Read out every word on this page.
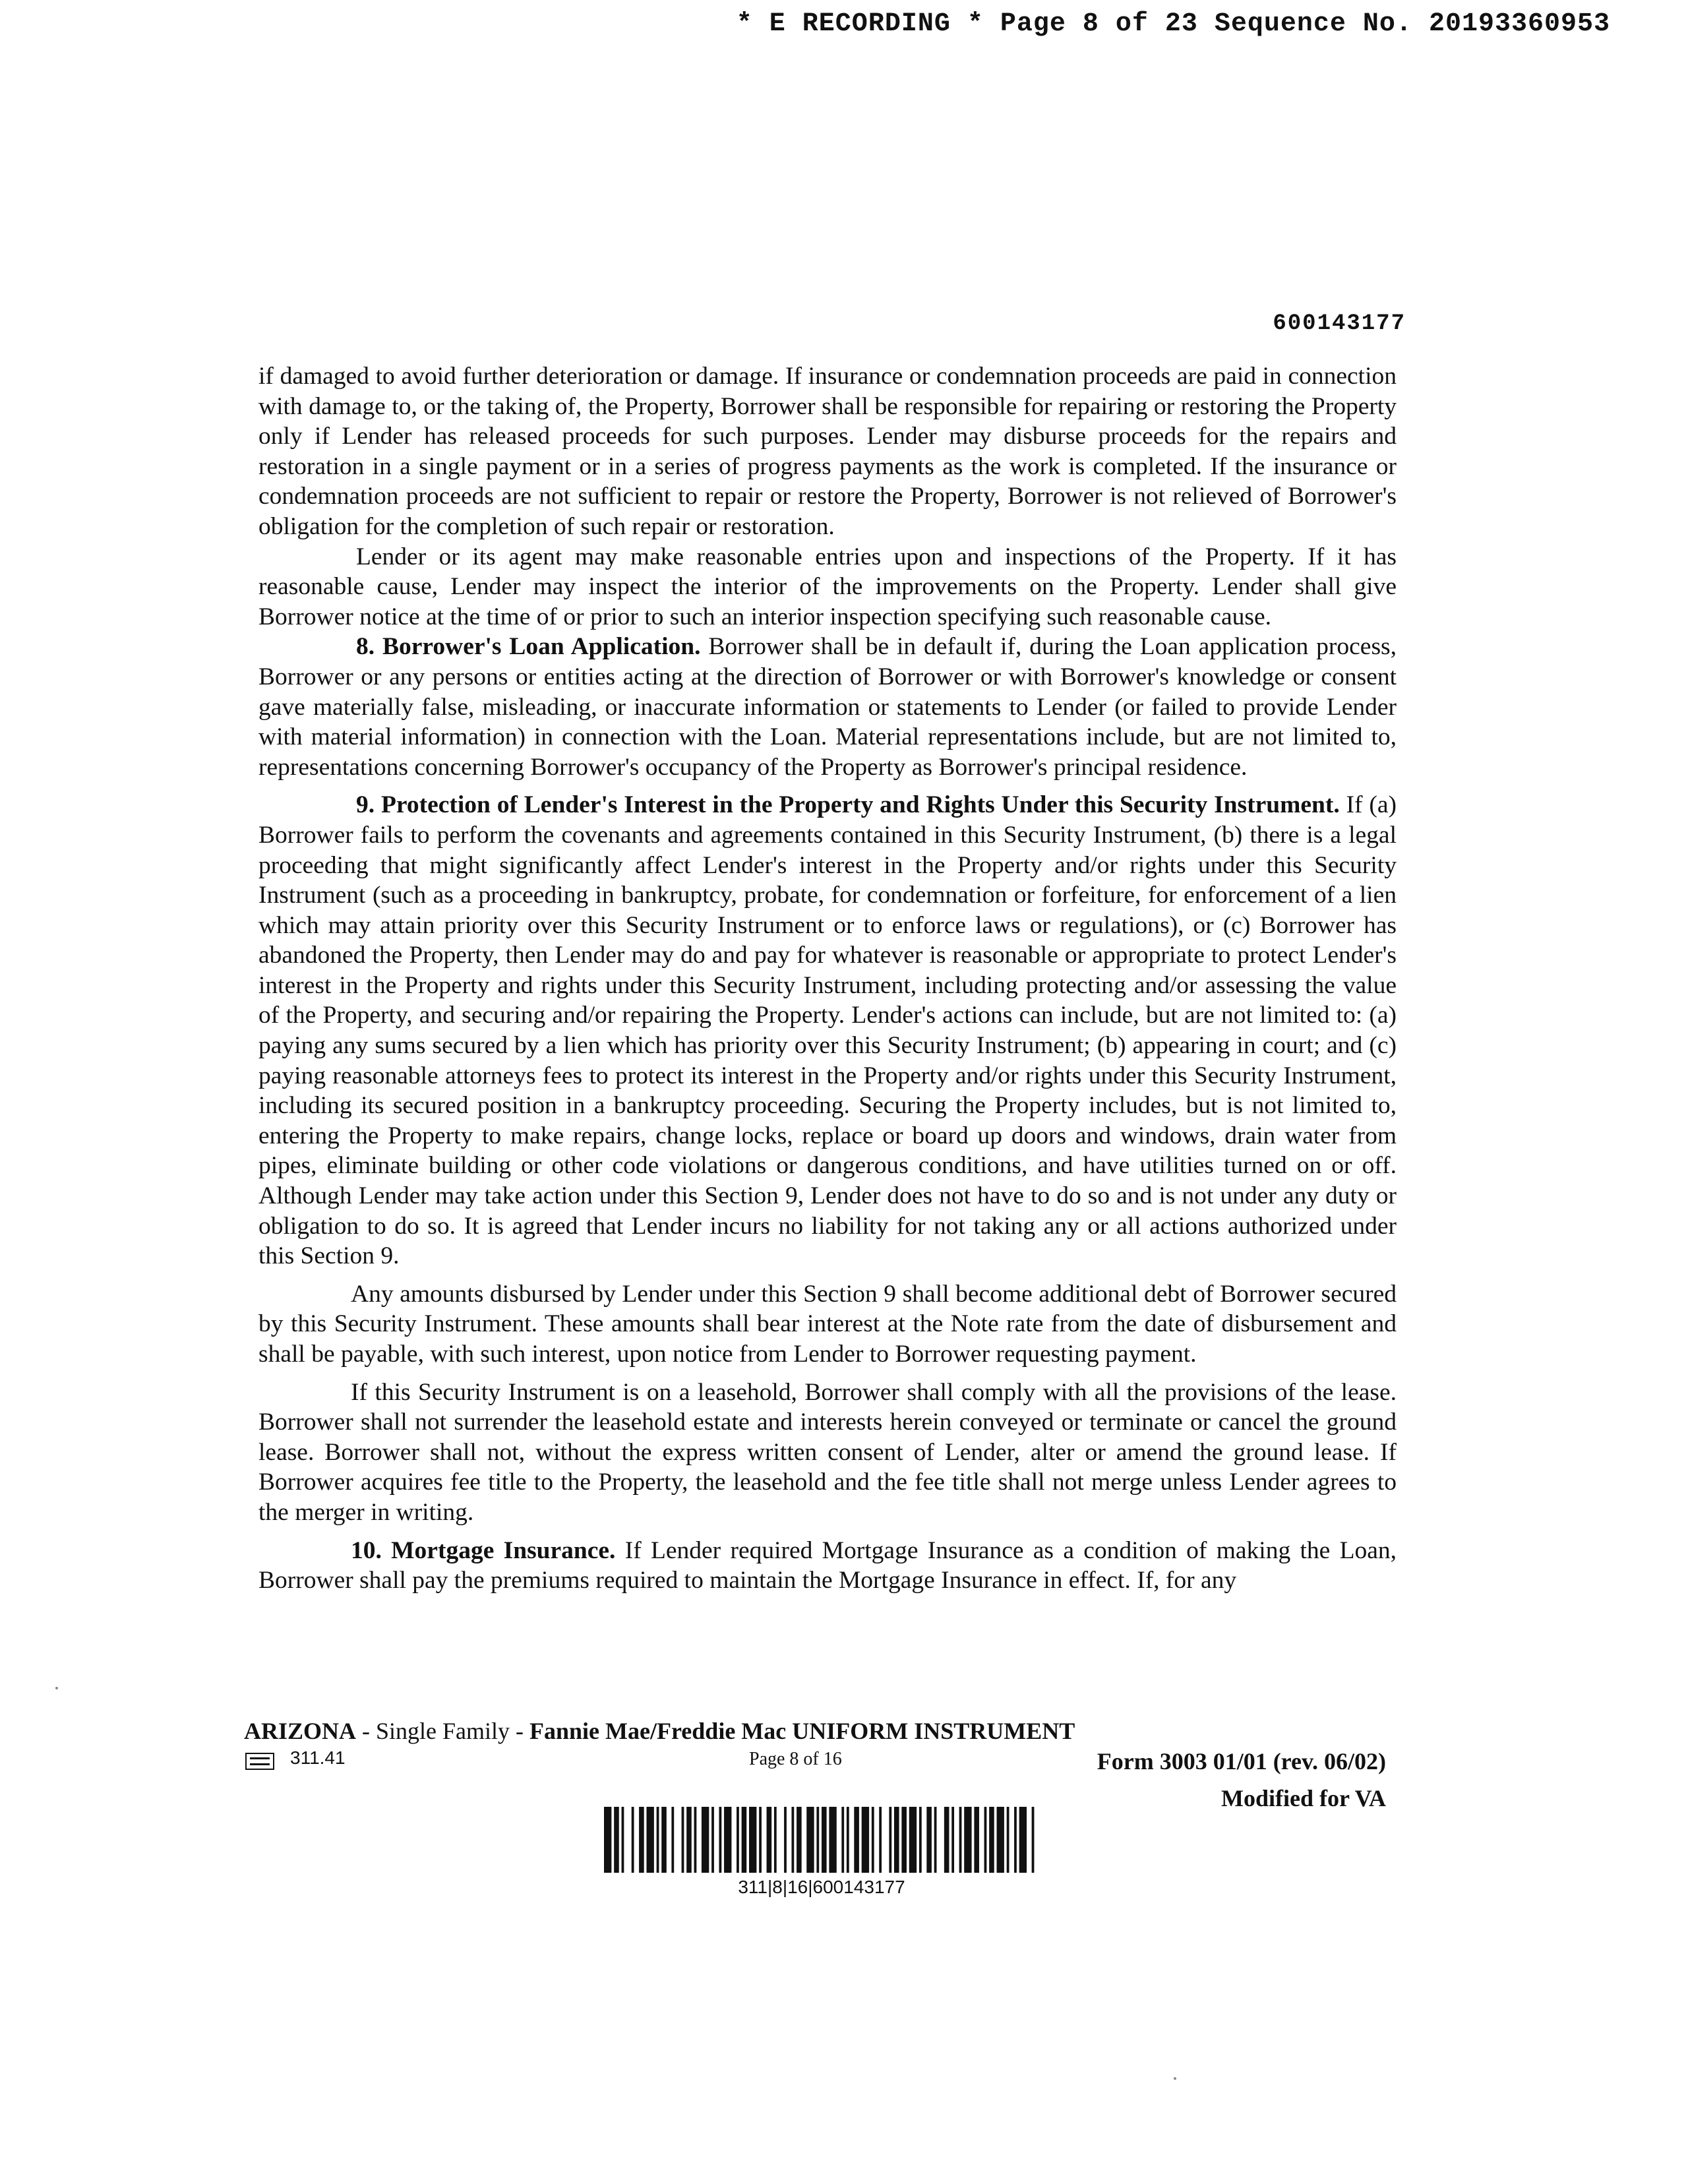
* E RECORDING * Page 8 of 23 Sequence No. 20193360953
600143177

if damaged to avoid further deterioration or damage. If insurance or condemnation proceeds are paid in connection with damage to, or the taking of, the Property, Borrower shall be responsible for repairing or restoring the Property only if Lender has released proceeds for such purposes. Lender may disburse proceeds for the repairs and restoration in a single payment or in a series of progress payments as the work is completed. If the insurance or condemnation proceeds are not sufficient to repair or restore the Property, Borrower is not relieved of Borrower's obligation for the completion of such repair or restoration.

Lender or its agent may make reasonable entries upon and inspections of the Property. If it has reasonable cause, Lender may inspect the interior of the improvements on the Property. Lender shall give Borrower notice at the time of or prior to such an interior inspection specifying such reasonable cause.

8. Borrower's Loan Application. Borrower shall be in default if, during the Loan application process, Borrower or any persons or entities acting at the direction of Borrower or with Borrower's knowledge or consent gave materially false, misleading, or inaccurate information or statements to Lender (or failed to provide Lender with material information) in connection with the Loan. Material representations include, but are not limited to, representations concerning Borrower's occupancy of the Property as Borrower's principal residence.

9. Protection of Lender's Interest in the Property and Rights Under this Security Instrument. If (a) Borrower fails to perform the covenants and agreements contained in this Security Instrument, (b) there is a legal proceeding that might significantly affect Lender's interest in the Property and/or rights under this Security Instrument (such as a proceeding in bankruptcy, probate, for condemnation or forfeiture, for enforcement of a lien which may attain priority over this Security Instrument or to enforce laws or regulations), or (c) Borrower has abandoned the Property, then Lender may do and pay for whatever is reasonable or appropriate to protect Lender's interest in the Property and rights under this Security Instrument, including protecting and/or assessing the value of the Property, and securing and/or repairing the Property. Lender's actions can include, but are not limited to: (a) paying any sums secured by a lien which has priority over this Security Instrument; (b) appearing in court; and (c) paying reasonable attorneys fees to protect its interest in the Property and/or rights under this Security Instrument, including its secured position in a bankruptcy proceeding. Securing the Property includes, but is not limited to, entering the Property to make repairs, change locks, replace or board up doors and windows, drain water from pipes, eliminate building or other code violations or dangerous conditions, and have utilities turned on or off. Although Lender may take action under this Section 9, Lender does not have to do so and is not under any duty or obligation to do so. It is agreed that Lender incurs no liability for not taking any or all actions authorized under this Section 9.

Any amounts disbursed by Lender under this Section 9 shall become additional debt of Borrower secured by this Security Instrument. These amounts shall bear interest at the Note rate from the date of disbursement and shall be payable, with such interest, upon notice from Lender to Borrower requesting payment.

If this Security Instrument is on a leasehold, Borrower shall comply with all the provisions of the lease. Borrower shall not surrender the leasehold estate and interests herein conveyed or terminate or cancel the ground lease. Borrower shall not, without the express written consent of Lender, alter or amend the ground lease. If Borrower acquires fee title to the Property, the leasehold and the fee title shall not merge unless Lender agrees to the merger in writing.

10. Mortgage Insurance. If Lender required Mortgage Insurance as a condition of making the Loan, Borrower shall pay the premiums required to maintain the Mortgage Insurance in effect. If, for any

ARIZONA - Single Family - Fannie Mae/Freddie Mac UNIFORM INSTRUMENT
311.41	Page 8 of 16	Form 3003 01/01 (rev. 06/02)
Modified for VA
311|8|16|600143177
